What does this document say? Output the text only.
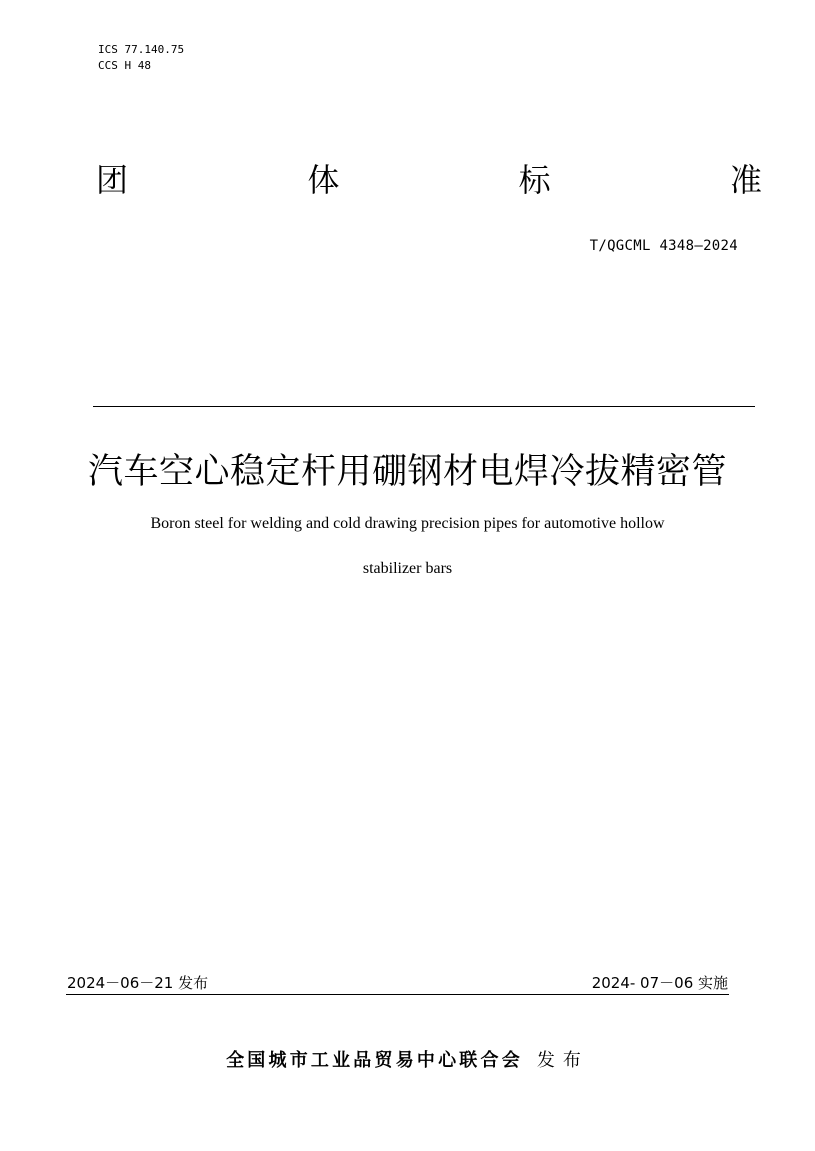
ICS 77.140.75
CCS H 48
团	体	标	准
T/QGCML 4348—2024
汽车空心稳定杆用硼钢材电焊冷拔精密管
Boron steel for welding and cold drawing precision pipes for automotive hollow
stabilizer bars
2024－06－21 发布	2024- 07－06 实施
全国城市工业品贸易中心联合会 发布
